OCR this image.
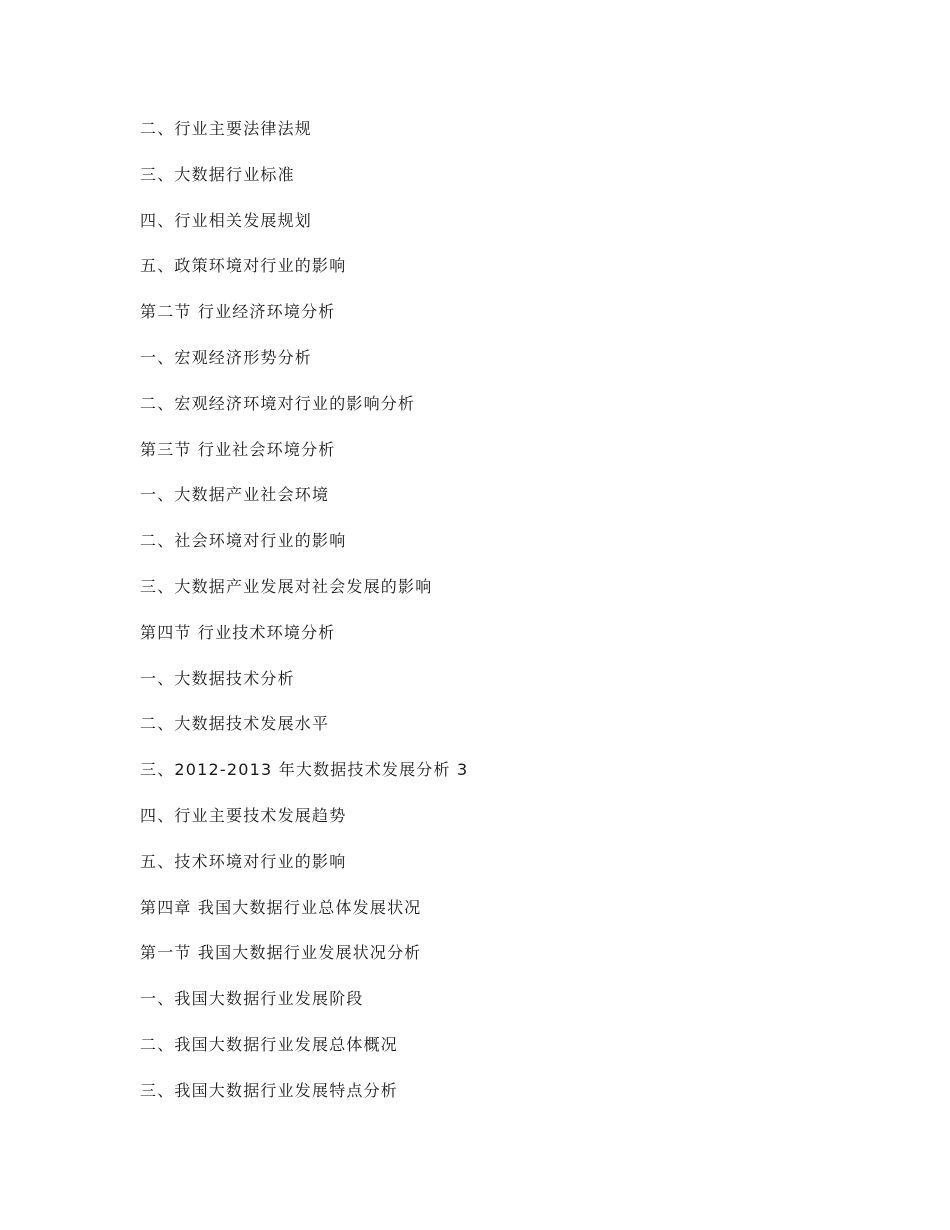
二、行业主要法律法规
三、大数据行业标准
四、行业相关发展规划
五、政策环境对行业的影响
第二节 行业经济环境分析
一、宏观经济形势分析
二、宏观经济环境对行业的影响分析
第三节 行业社会环境分析
一、大数据产业社会环境
二、社会环境对行业的影响
三、大数据产业发展对社会发展的影响
第四节 行业技术环境分析
一、大数据技术分析
二、大数据技术发展水平
三、2012-2013 年大数据技术发展分析 3
四、行业主要技术发展趋势
五、技术环境对行业的影响
第四章 我国大数据行业总体发展状况
第一节 我国大数据行业发展状况分析
一、我国大数据行业发展阶段
二、我国大数据行业发展总体概况
三、我国大数据行业发展特点分析
